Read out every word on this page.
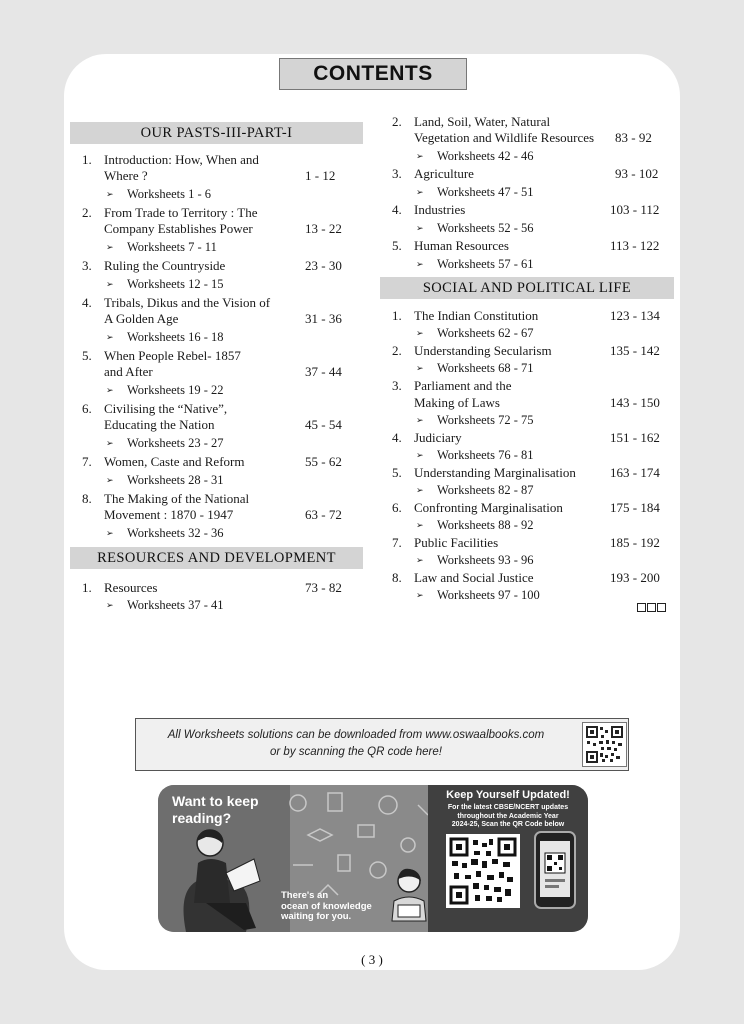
CONTENTS
OUR PASTS-III-PART-I
1. Introduction: How, When and
Where ?	1 - 12
➢ Worksheets 1 - 6
2. From Trade to Territory : The
Company Establishes Power	13 - 22
➢ Worksheets 7 - 11
3. Ruling the Countryside	23 - 30
➢ Worksheets 12 - 15
4. Tribals, Dikus and the Vision of
A Golden Age	31 - 36
➢ Worksheets 16 - 18
5. When People Rebel- 1857
and After	37 - 44
➢ Worksheets 19 - 22
6. Civilising the “Native”,
Educating the Nation	45 - 54
➢ Worksheets 23 - 27
7. Women, Caste and Reform	55 - 62
➢ Worksheets 28 - 31
8. The Making of the National
Movement : 1870 - 1947	63 - 72
➢ Worksheets 32 - 36
RESOURCES AND DEVELOPMENT
1. Resources	73 - 82
➢ Worksheets 37 - 41
2. Land, Soil, Water, Natural
Vegetation and Wildlife Resources 83 - 92
➢ Worksheets 42 - 46
3. Agriculture	93 - 102
➢ Worksheets 47 - 51
4. Industries	103 - 112
➢ Worksheets 52 - 56
5. Human Resources	113 - 122
➢ Worksheets 57 - 61
SOCIAL AND POLITICAL LIFE
1. The Indian Constitution	123 - 134
➢ Worksheets 62 - 67
2. Understanding Secularism	135 - 142
➢ Worksheets 68 - 71
3. Parliament and the
Making of Laws	143 - 150
➢ Worksheets 72 - 75
4. Judiciary	151 - 162
➢ Worksheets 76 - 81
5. Understanding Marginalisation	163 - 174
➢ Worksheets 82 - 87
6. Confronting Marginalisation	175 - 184
➢ Worksheets 88 - 92
7. Public Facilities	185 - 192
➢ Worksheets 93 - 96
8. Law and Social Justice	193 - 200
➢ Worksheets 97 - 100
All Worksheets solutions can be downloaded from www.oswaalbooks.com
or by scanning the QR code here!
Want to keep
reading?
There's an
ocean of knowledge
waiting for you.
Keep Yourself Updated!
For the latest CBSE/NCERT updates
throughout the Academic Year
2024-25, Scan the QR Code below
( 3 )
